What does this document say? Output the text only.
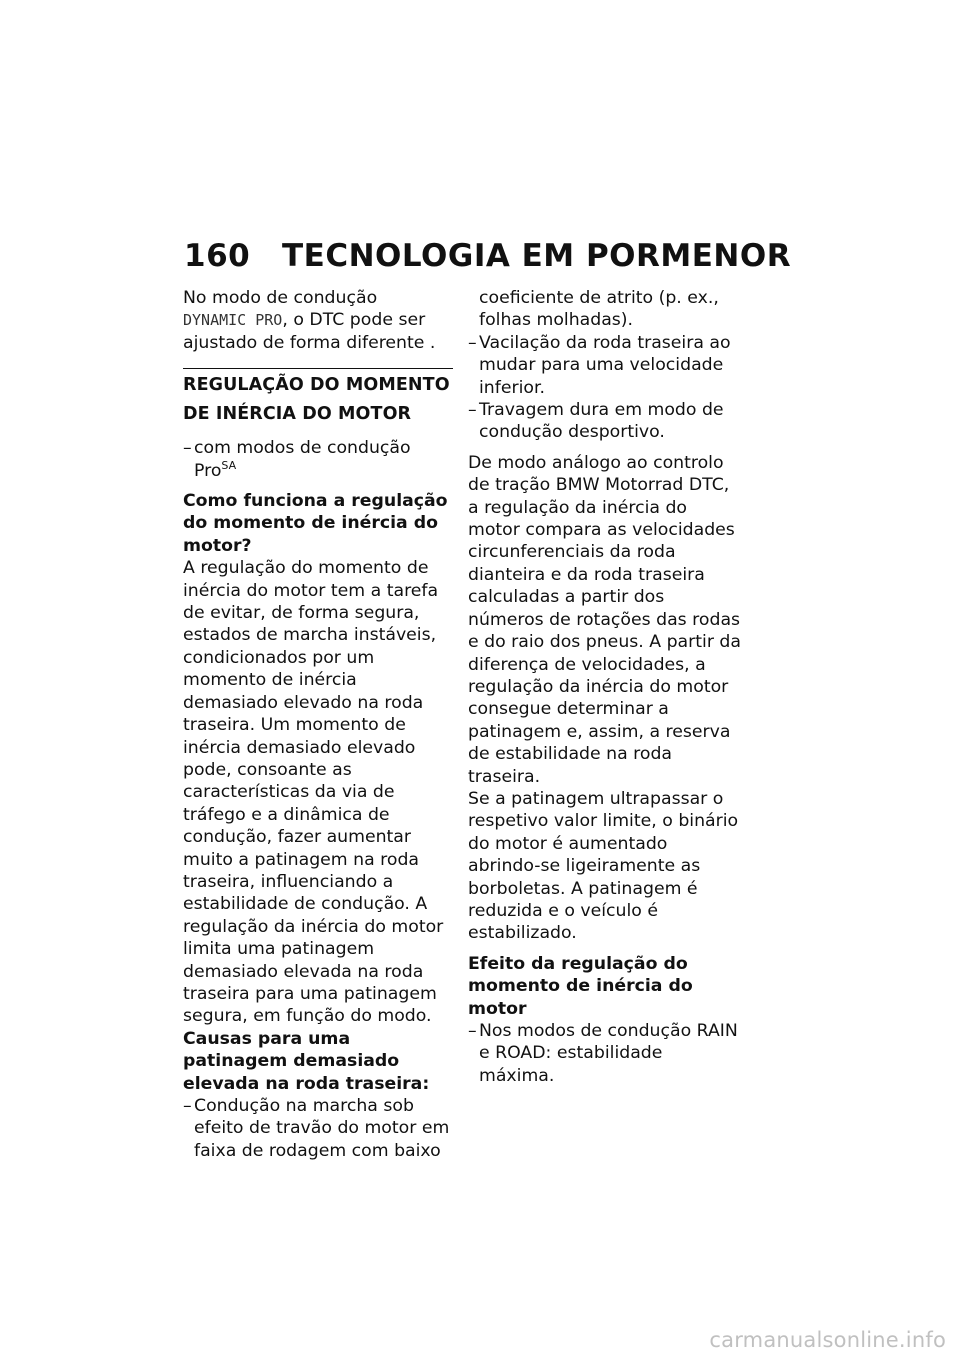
160 TECNOLOGIA EM PORMENOR

No modo de condução
DYNAMIC PRO, o DTC pode ser ajustado de forma diferente .

REGULAÇÃO DO MOMENTO
DE INÉRCIA DO MOTOR

– com modos de condução Pro$^{SA}$

Como funciona a regulação do momento de inércia do motor?

A regulação do momento de inércia do motor tem a tarefa de evitar, de forma segura, estados de marcha instáveis, condicionados por um momento de inércia demasiado elevado na roda traseira. Um momento de inércia demasiado elevado pode, consoante as características da via de tráfego e a dinâmica de condução, fazer aumentar muito a patinagem na roda traseira, influenciando a estabilidade de condução. A regulação da inércia do motor limita uma patinagem demasiado elevada na roda traseira para uma patinagem segura, em função do modo.

Causas para uma patinagem demasiado elevada na roda traseira:

– Condução na marcha sob efeito de travão do motor em faixa de rodagem com baixo

coeficiente de atrito (p. ex., folhas molhadas).

– Vacilação da roda traseira ao mudar para uma velocidade inferior.

– Travagem dura em modo de condução desportivo.

De modo análogo ao controlo de tração BMW Motorrad DTC, a regulação da inércia do motor compara as velocidades circunferenciais da roda dianteira e da roda traseira calculadas a partir dos números de rotações das rodas e do raio dos pneus. A partir da diferença de velocidades, a regulação da inércia do motor consegue determinar a patinagem e, assim, a reserva de estabilidade na roda traseira.

Se a patinagem ultrapassar o respetivo valor limite, o binário do motor é aumentado abrindo-se ligeiramente as borboletas. A patinagem é reduzida e o veículo é estabilizado.

Efeito da regulação do momento de inércia do motor

– Nos modos de condução RAIN e ROAD: estabilidade máxima.

carmanualsonline.info
